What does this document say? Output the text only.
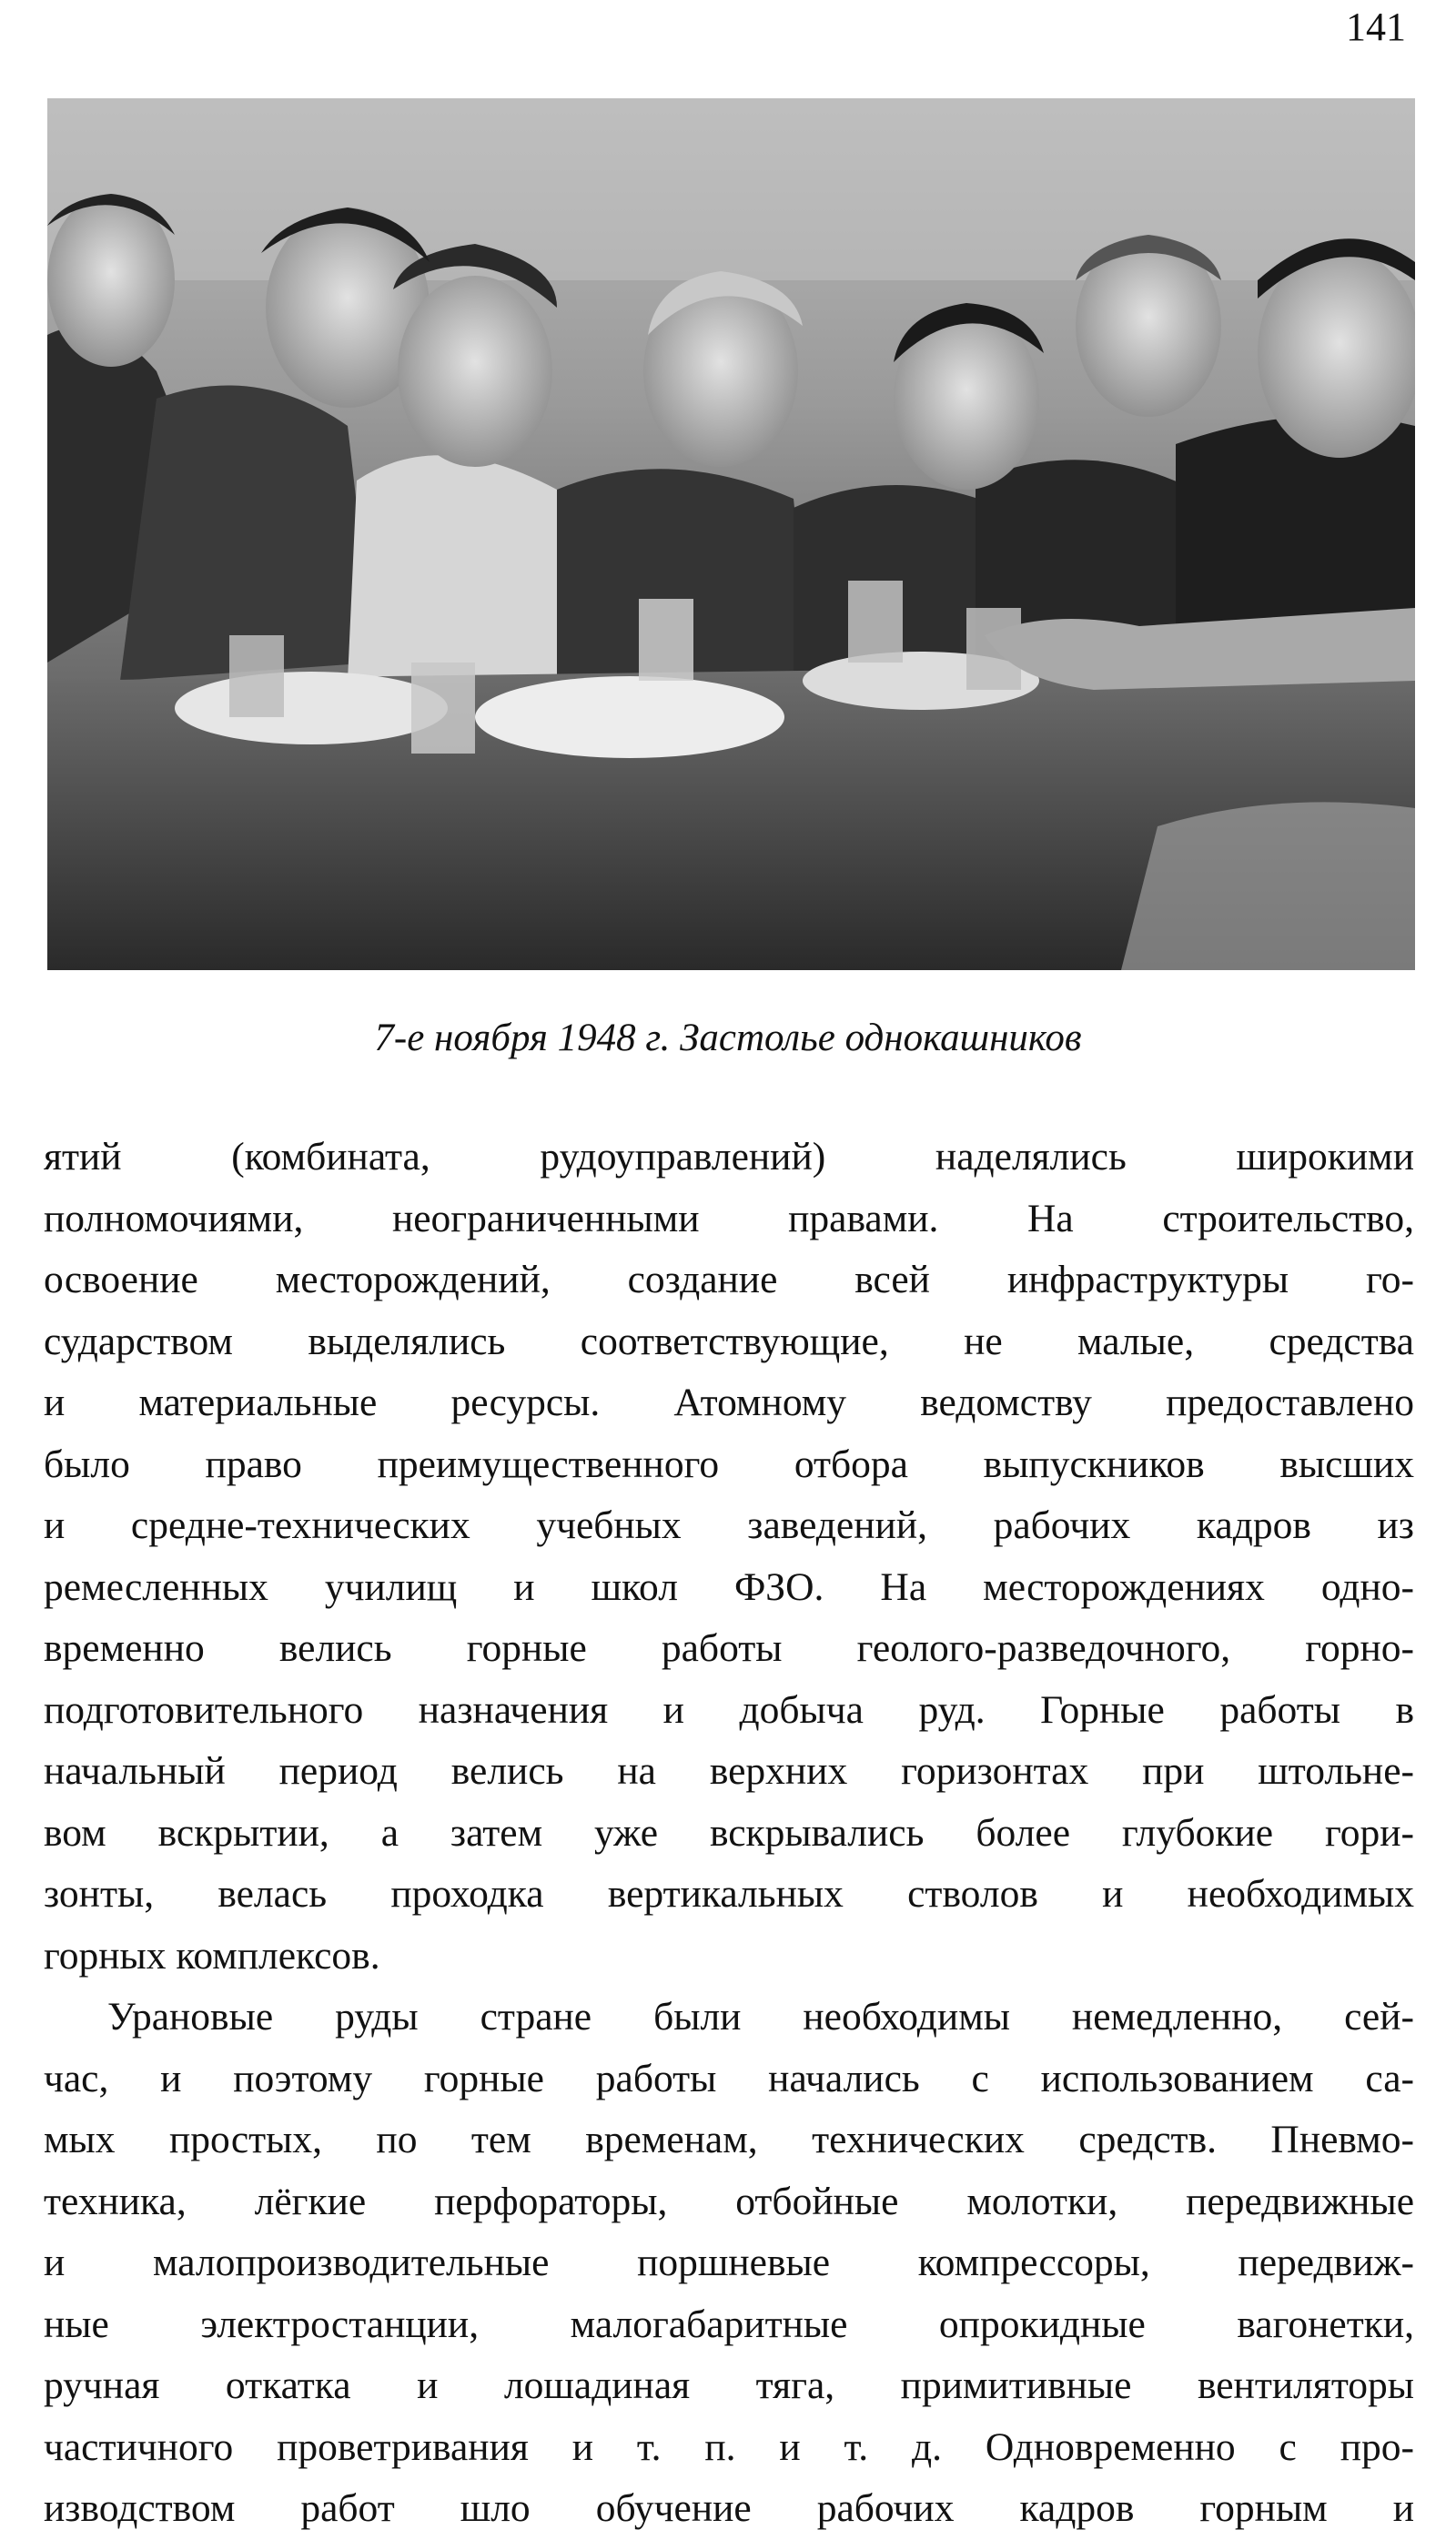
141
7-е ноября 1948 г. Застолье однокашников

ятий (комбината, рудоуправлений) наделялись широкими
полномочиями, неограниченными правами. На строительство,
освоение месторождений, создание всей инфраструктуры го-
сударством выделялись соответствующие, не малые, средства
и материальные ресурсы. Атомному ведомству предоставлено
было право преимущественного отбора выпускников высших
и средне-технических учебных заведений, рабочих кадров из
ремесленных училищ и школ ФЗО. На месторождениях одно-
временно велись горные работы геолого-разведочного, горно-
подготовительного назначения и добыча руд. Горные работы в
начальный период велись на верхних горизонтах при штольне-
вом вскрытии, а затем уже вскрывались более глубокие гори-
зонты, велась проходка вертикальных стволов и необходимых
горных комплексов.

Урановые руды стране были необходимы немедленно, сей-
час, и поэтому горные работы начались с использованием са-
мых простых, по тем временам, технических средств. Пневмо-
техника, лёгкие перфораторы, отбойные молотки, передвижные
и малопроизводительные поршневые компрессоры, передвиж-
ные электростанции, малогабаритные опрокидные вагонетки,
ручная откатка и лошадиная тяга, примитивные вентиляторы
частичного проветривания и т. п. и т. д. Одновременно с про-
изводством работ шло обучение рабочих кадров горным и
